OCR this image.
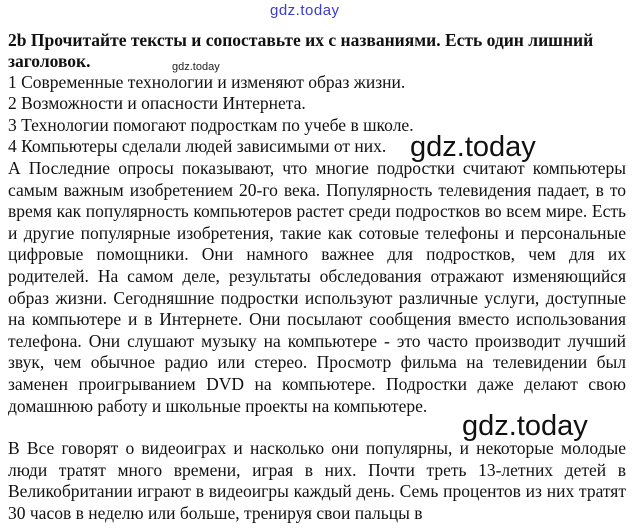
gdz.today

2b Прочитайте тексты и сопоставьте их с названиями. Есть один лишний заголовок.	gdz.today

1 Современные технологии и изменяют образ жизни.

2 Возможности и опасности Интернета.

3 Технологии помогают подросткам по учебе в школе.

4 Компьютеры сделали людей зависимыми от них.

А Последние опросы показывают, что многие подростки считают компьютеры самым важным изобретением 20-го века. Популярность телевидения падает, в то время как популярность компьютеров растет среди подростков во всем мире. Есть и другие популярные изобретения, такие как сотовые телефоны и персональные цифровые помощники. Они намного важнее для подростков, чем для их родителей. На самом деле, результаты обследования отражают изменяющийся образ жизни. Сегодняшние подростки используют различные услуги, доступные на компьютере и в Интернете. Они посылают сообщения вместо использования телефона. Они слушают музыку на компьютере - это часто производит лучший звук, чем обычное радио или стерео. Просмотр фильма на телевидении был заменен проигрыванием DVD на компьютере. Подростки даже делают свою домашнюю работу и школьные проекты на компьютере.

В Все говорят о видеоиграх и насколько они популярны, и некоторые молодые люди тратят много времени, играя в них. Почти треть 13-летних детей в Великобритании играют в видеоигры каждый день. Семь процентов из них тратят 30 часов в неделю или больше, тренируя свои пальцы в

gdz.today
gdz.today
